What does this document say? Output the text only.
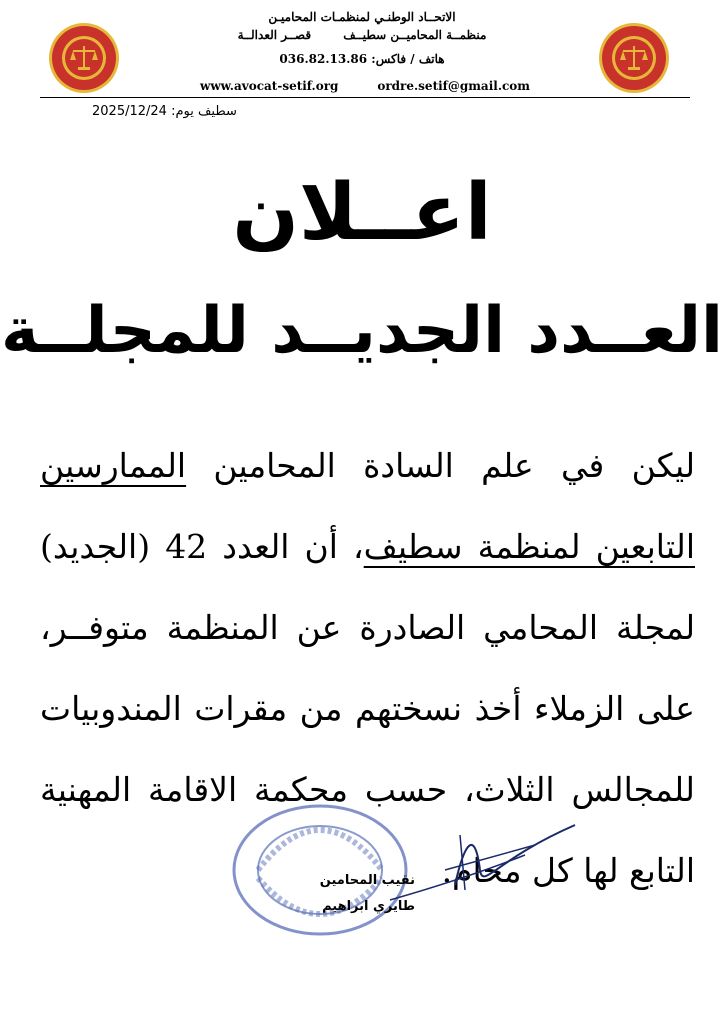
الاتحــاد الوطنـي لمنظمـات المحاميـن
منظمــة المحاميــن سطيــف قصــر العدالــة
هاتف / فاكس: 036.82.13.86
www.avocat-setif.org	ordre.setif@gmail.com
سطيف يوم: 2025/12/24
اعــلان
العــدد الجديــد للمجلــة
ليكن في علم السادة المحامين الممارسين التابعين لمنظمة سطيف، أن العدد 42 (الجديد) لمجلة المحامي الصادرة عن المنظمة متوفــر، على الزملاء أخذ نسختهم من مقرات المندوبيات للمجالس الثلاث، حسب محكمة الاقامة المهنية التابع لها كل محام.
نقيب المحامين
طايري ابراهيم
